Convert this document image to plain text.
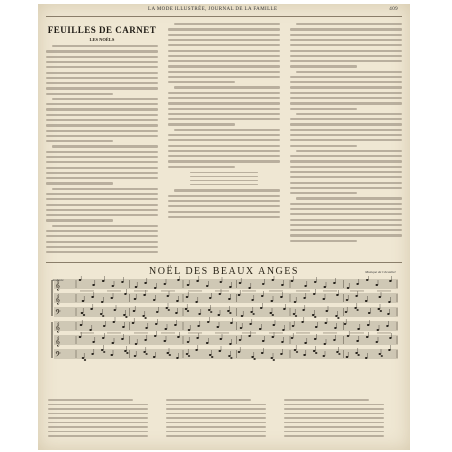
LA MODE ILLUSTRÉE, JOURNAL DE LA FAMILLE	409
FEUILLES DE CARNET
LES NOËLS
NOËL DES BEAUX ANGES
Andante
Musique de Chevalier
𝄞
𝄞
𝄢
𝄞
𝄞
𝄢
